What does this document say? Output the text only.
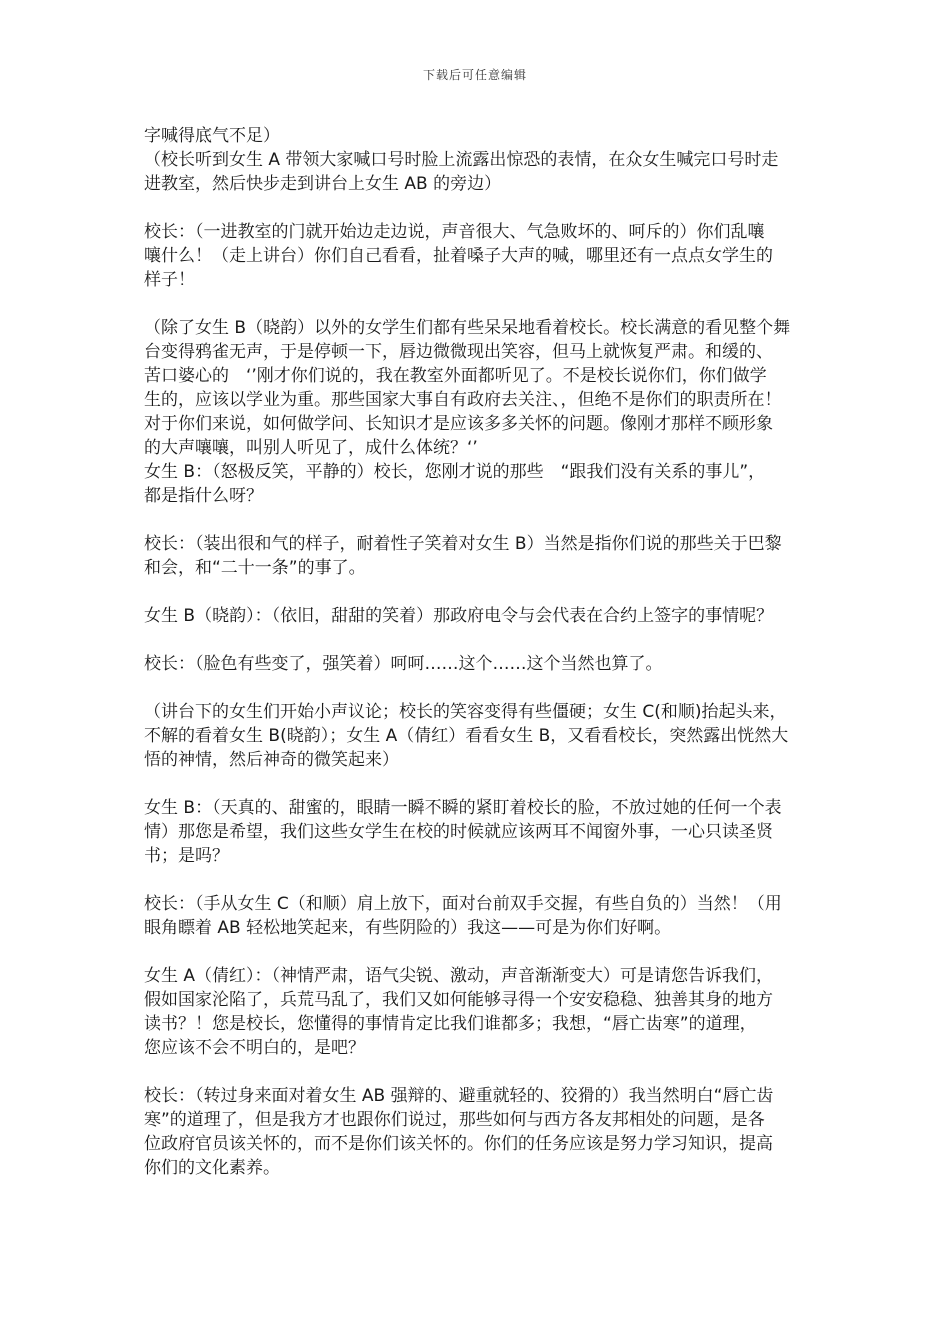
下载后可任意编辑

字喊得底气不足）

（校长听到女生 A 带领大家喊口号时脸上流露出惊恐的表情，在众女生喊完口号时走
进教室，然后快步走到讲台上女生 AB 的旁边）

校长：（一进教室的门就开始边走边说，声音很大、气急败坏的、呵斥的）你们乱嚷
嚷什么！（走上讲台）你们自己看看，扯着嗓子大声的喊，哪里还有一点点女学生的
样子！

（除了女生 B（晓韵）以外的女学生们都有些呆呆地看着校长。校长满意的看见整个舞
台变得鸦雀无声，于是停顿一下，唇边微微现出笑容，但马上就恢复严肃。和缓的、
苦口婆心的　‘’刚才你们说的，我在教室外面都听见了。不是校长说你们，你们做学
生的，应该以学业为重。那些国家大事自有政府去关注、，但绝不是你们的职责所在！
对于你们来说，如何做学问、长知识才是应该多多关怀的问题。像刚才那样不顾形象
的大声嚷嚷，叫别人听见了，成什么体统？‘’

女生 B：（怒极反笑，平静的）校长，您刚才说的那些　“跟我们没有关系的事儿”，
都是指什么呀？

校长：（装出很和气的样子，耐着性子笑着对女生 B）当然是指你们说的那些关于巴黎
和会，和“二十一条”的事了。

女生 B（晓韵）：（依旧，甜甜的笑着）那政府电令与会代表在合约上签字的事情呢？

校长：（脸色有些变了，强笑着）呵呵……这个……这个当然也算了。

（讲台下的女生们开始小声议论；校长的笑容变得有些僵硬；女生 C(和顺)抬起头来，
不解的看着女生 B(晓韵）；女生 A（倩红）看看女生 B，又看看校长，突然露出恍然大
悟的神情，然后神奇的微笑起来）

女生 B：（天真的、甜蜜的，眼睛一瞬不瞬的紧盯着校长的脸，不放过她的任何一个表
情）那您是希望，我们这些女学生在校的时候就应该两耳不闻窗外事，一心只读圣贤
书；是吗？

校长：（手从女生 C（和顺）肩上放下，面对台前双手交握，有些自负的）当然！（用
眼角瞟着 AB 轻松地笑起来，有些阴险的）我这——可是为你们好啊。

女生 A（倩红）：（神情严肃，语气尖锐、激动，声音渐渐变大）可是请您告诉我们，
假如国家沦陷了，兵荒马乱了，我们又如何能够寻得一个安安稳稳、独善其身的地方
读书？！您是校长，您懂得的事情肯定比我们谁都多；我想，“唇亡齿寒”的道理，
您应该不会不明白的，是吧？

校长：（转过身来面对着女生 AB 强辩的、避重就轻的、狡猾的）我当然明白“唇亡齿
寒”的道理了，但是我方才也跟你们说过，那些如何与西方各友邦相处的问题，是各
位政府官员该关怀的，而不是你们该关怀的。你们的任务应该是努力学习知识，提高
你们的文化素养。
